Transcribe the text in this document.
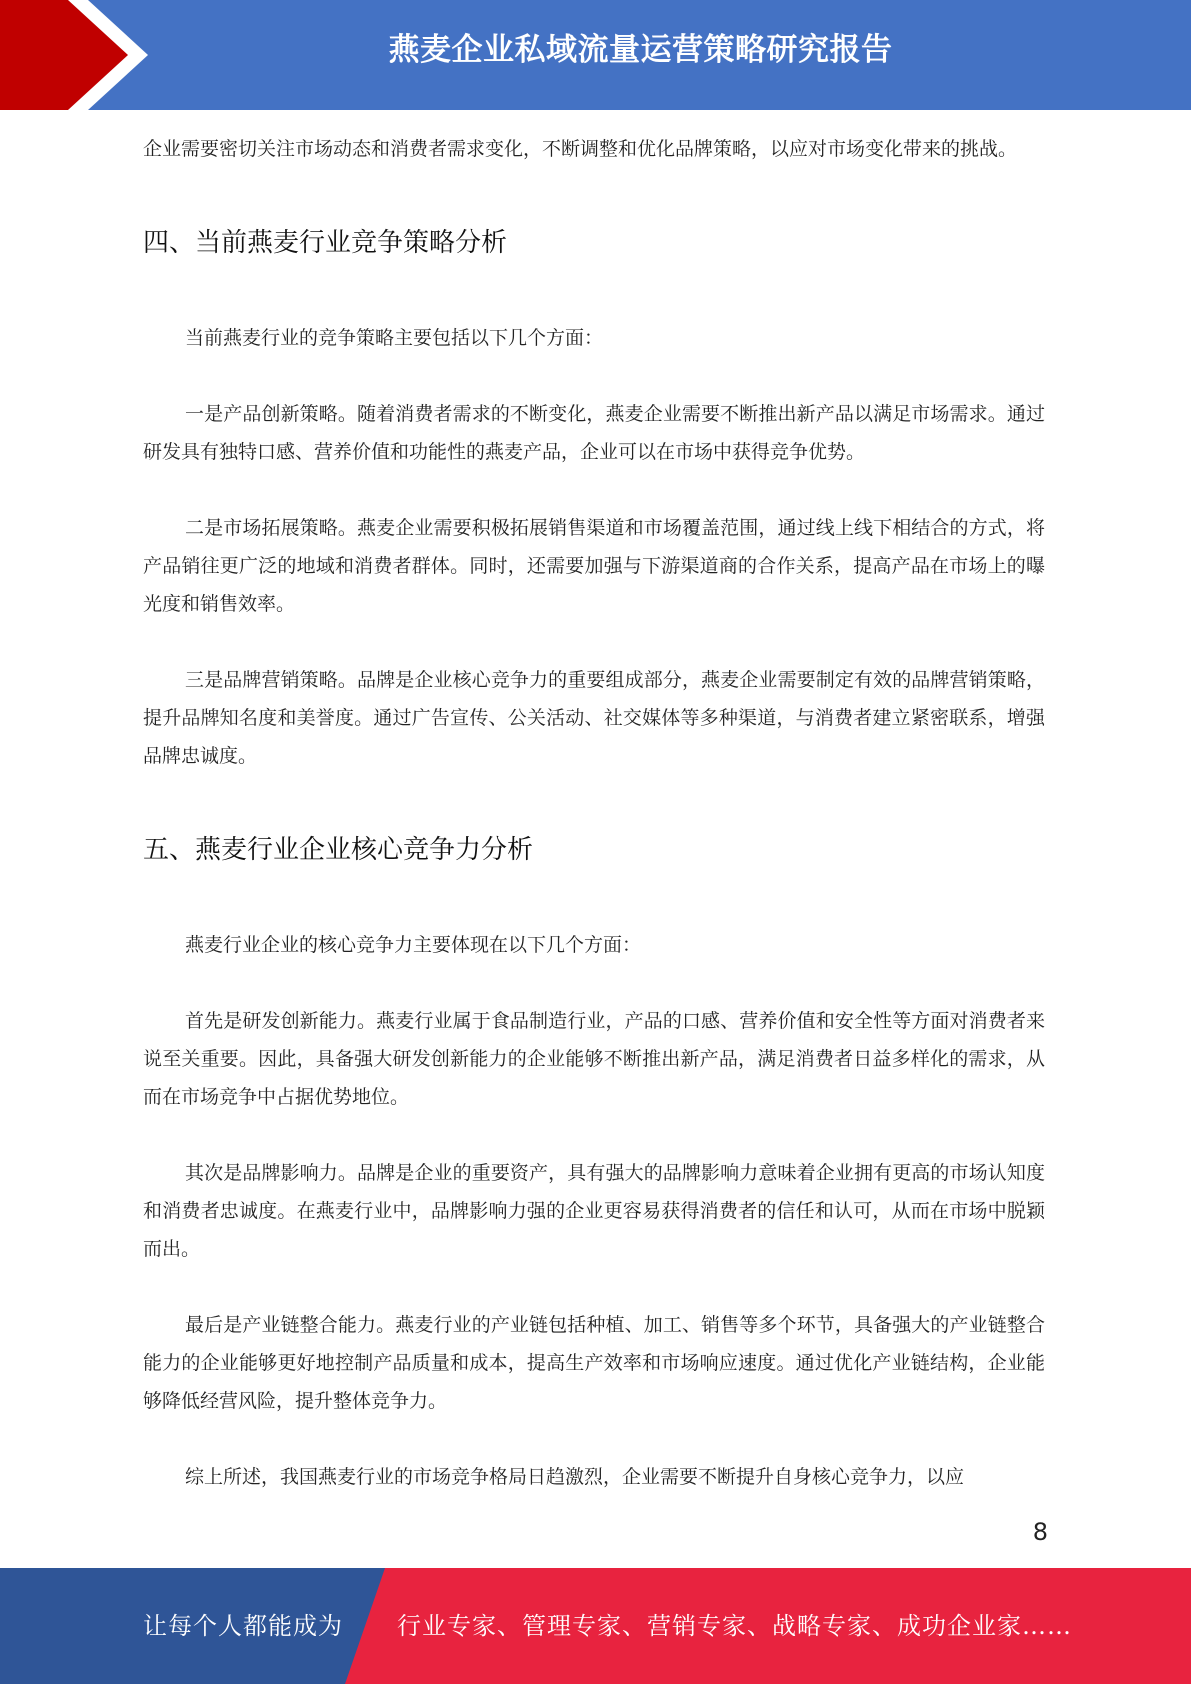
燕麦企业私域流量运营策略研究报告

企业需要密切关注市场动态和消费者需求变化，不断调整和优化品牌策略，以应对市场变化带来的挑战。

四、当前燕麦行业竞争策略分析

当前燕麦行业的竞争策略主要包括以下几个方面：

一是产品创新策略。随着消费者需求的不断变化，燕麦企业需要不断推出新产品以满足市场需求。通过研发具有独特口感、营养价值和功能性的燕麦产品，企业可以在市场中获得竞争优势。

二是市场拓展策略。燕麦企业需要积极拓展销售渠道和市场覆盖范围，通过线上线下相结合的方式，将产品销往更广泛的地域和消费者群体。同时，还需要加强与下游渠道商的合作关系，提高产品在市场上的曝光度和销售效率。

三是品牌营销策略。品牌是企业核心竞争力的重要组成部分，燕麦企业需要制定有效的品牌营销策略，提升品牌知名度和美誉度。通过广告宣传、公关活动、社交媒体等多种渠道，与消费者建立紧密联系，增强品牌忠诚度。

五、燕麦行业企业核心竞争力分析

燕麦行业企业的核心竞争力主要体现在以下几个方面：

首先是研发创新能力。燕麦行业属于食品制造行业，产品的口感、营养价值和安全性等方面对消费者来说至关重要。因此，具备强大研发创新能力的企业能够不断推出新产品，满足消费者日益多样化的需求，从而在市场竞争中占据优势地位。

其次是品牌影响力。品牌是企业的重要资产，具有强大的品牌影响力意味着企业拥有更高的市场认知度和消费者忠诚度。在燕麦行业中，品牌影响力强的企业更容易获得消费者的信任和认可，从而在市场中脱颖而出。

最后是产业链整合能力。燕麦行业的产业链包括种植、加工、销售等多个环节，具备强大的产业链整合能力的企业能够更好地控制产品质量和成本，提高生产效率和市场响应速度。通过优化产业链结构，企业能够降低经营风险，提升整体竞争力。

综上所述，我国燕麦行业的市场竞争格局日趋激烈，企业需要不断提升自身核心竞争力，以应

8
让每个人都能成为 行业专家、管理专家、营销专家、战略专家、成功企业家……
